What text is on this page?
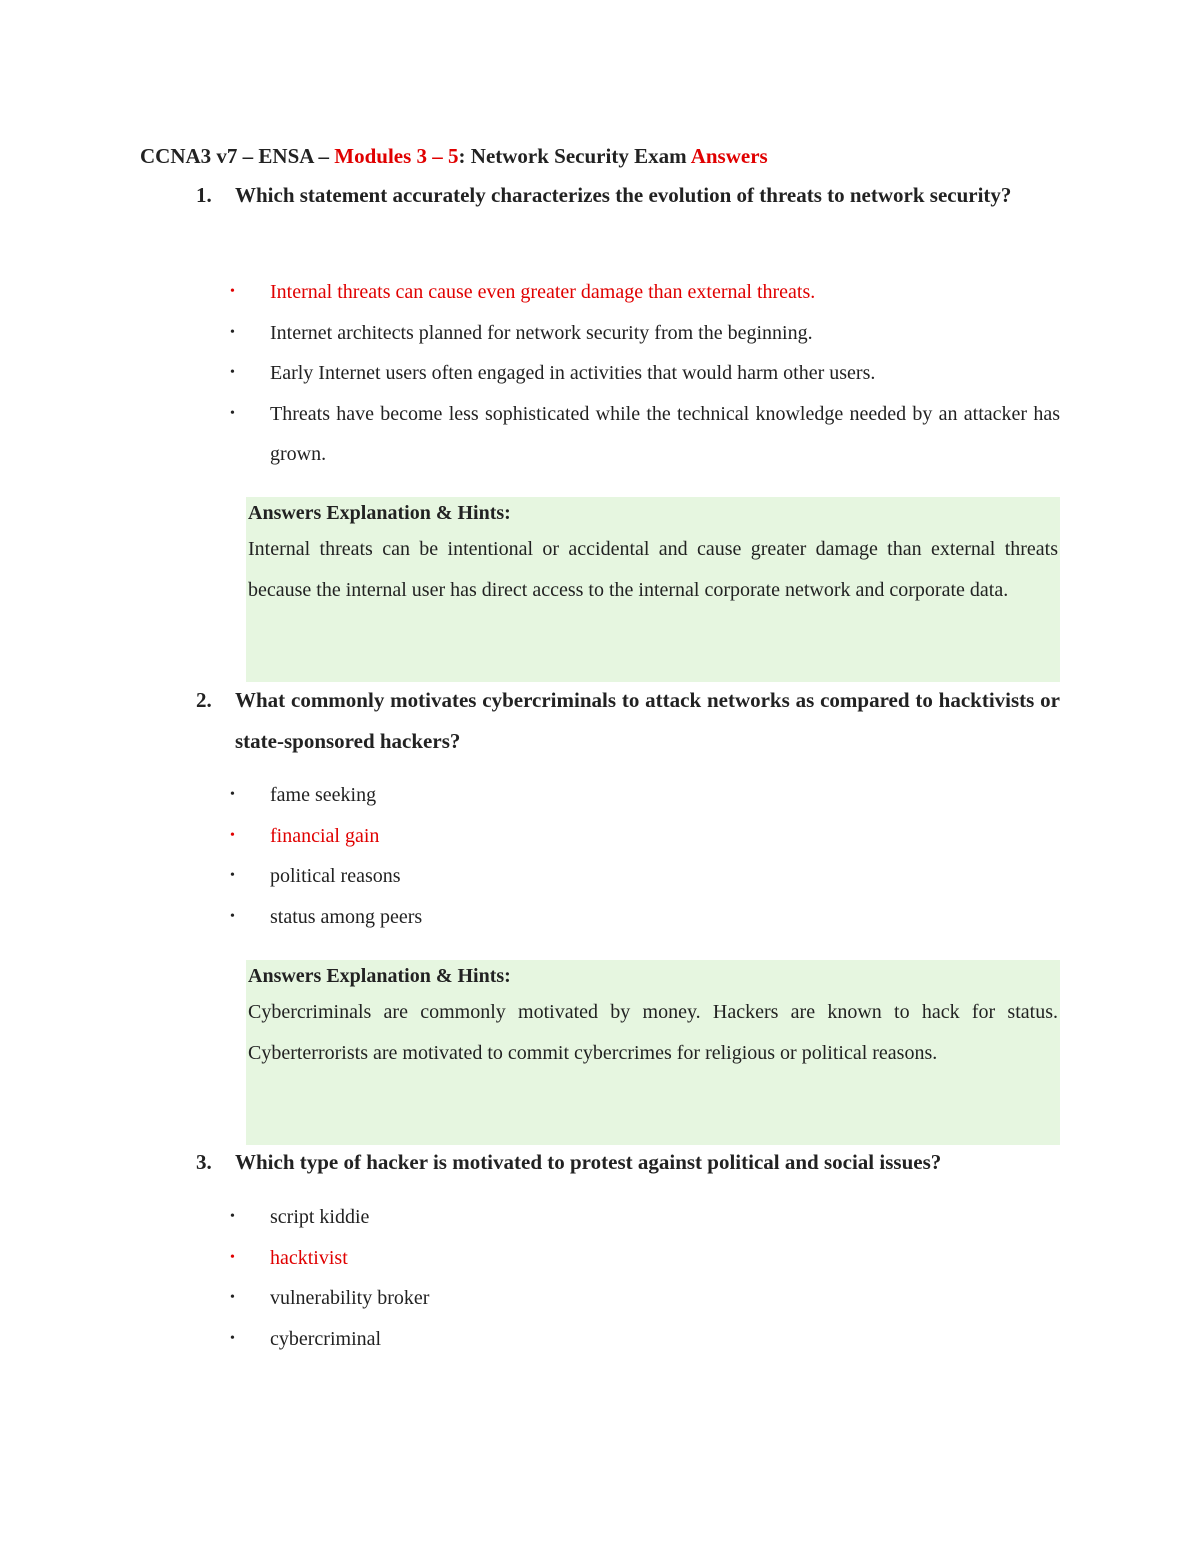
CCNA3 v7 – ENSA – Modules 3 – 5: Network Security Exam Answers
1.	Which statement accurately characterizes the evolution of threats to network security?
• Internal threats can cause even greater damage than external threats.
• Internet architects planned for network security from the beginning.
• Early Internet users often engaged in activities that would harm other users.
• Threats have become less sophisticated while the technical knowledge needed by an attacker has grown.
Answers Explanation & Hints:
Internal threats can be intentional or accidental and cause greater damage than external threats because the internal user has direct access to the internal corporate network and corporate data.
2.	What commonly motivates cybercriminals to attack networks as compared to hacktivists or state-sponsored hackers?
• fame seeking
• financial gain
• political reasons
• status among peers
Answers Explanation & Hints:
Cybercriminals are commonly motivated by money. Hackers are known to hack for status. Cyberterrorists are motivated to commit cybercrimes for religious or political reasons.
3.	Which type of hacker is motivated to protest against political and social issues?
• script kiddie
• hacktivist
• vulnerability broker
• cybercriminal
